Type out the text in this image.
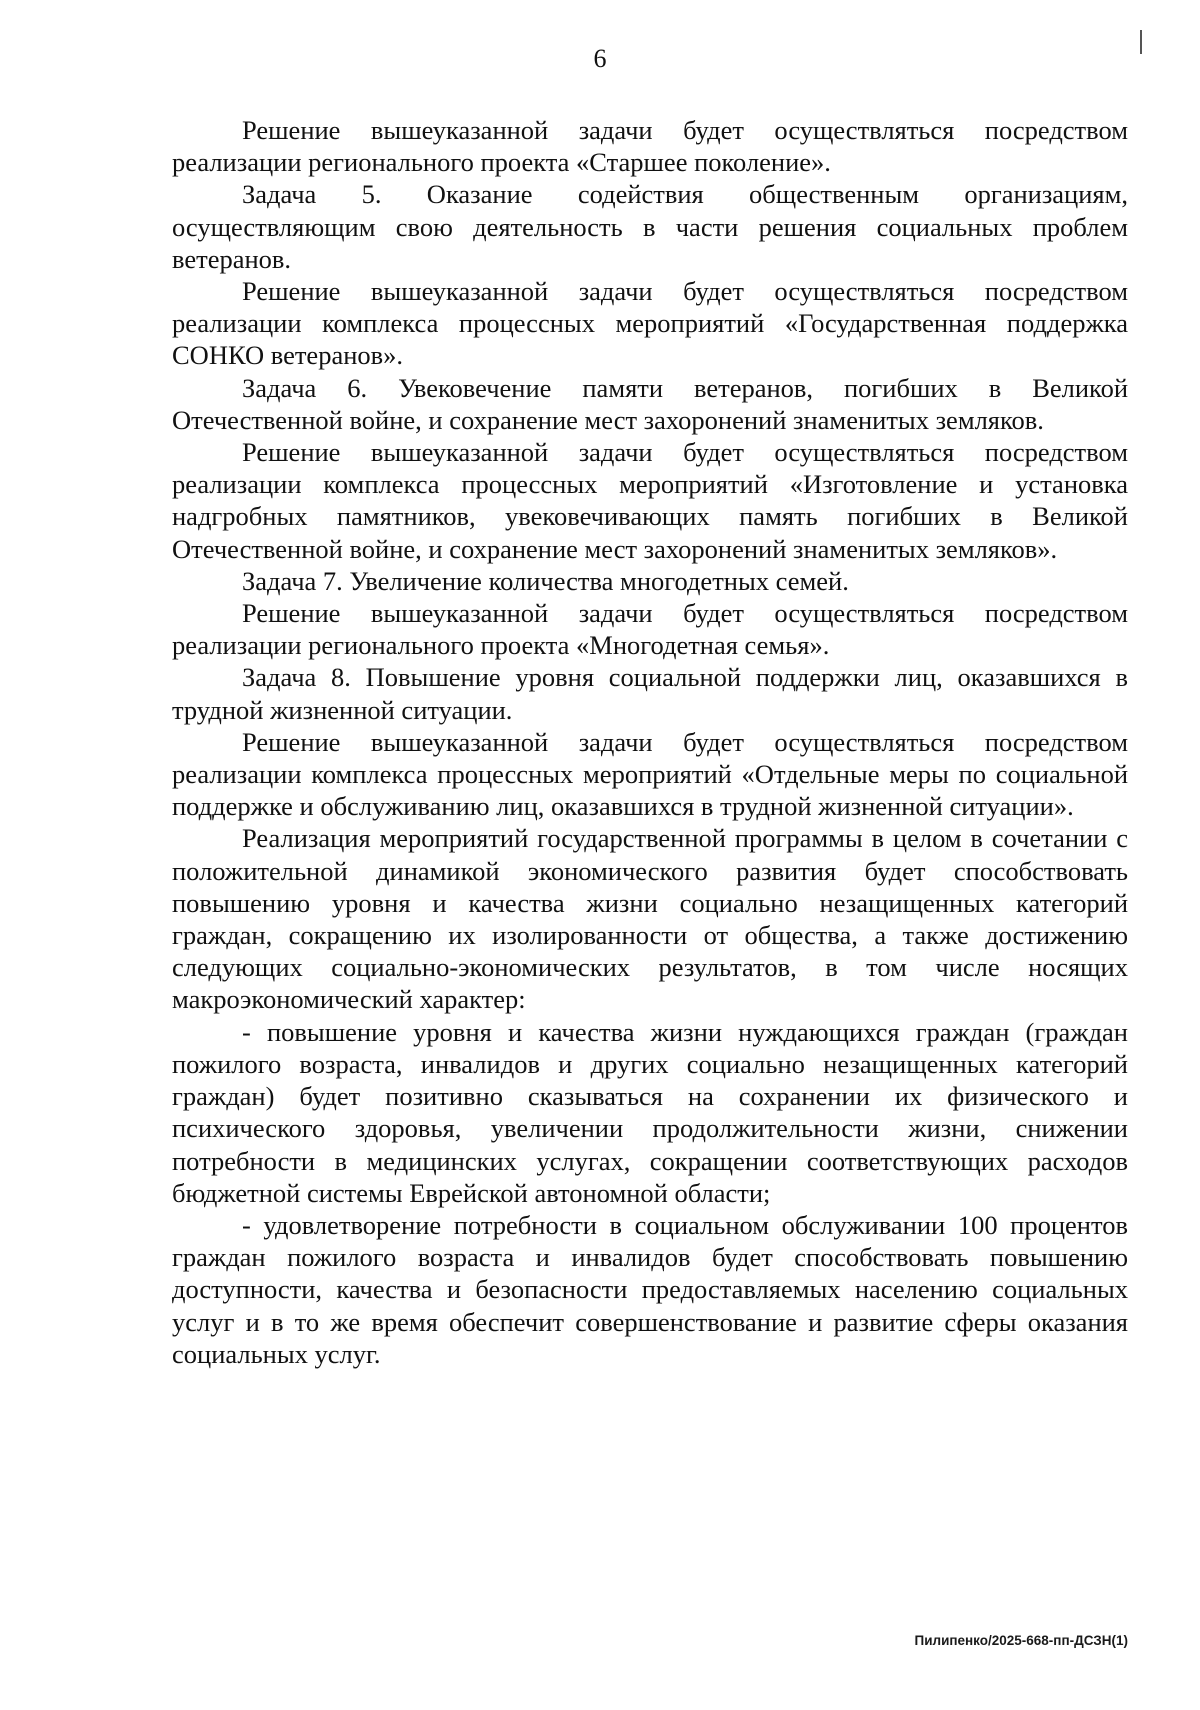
6

Решение вышеуказанной задачи будет осуществляться посредством реализации регионального проекта «Старшее поколение».

Задача 5. Оказание содействия общественным организациям, осуществляющим свою деятельность в части решения социальных проблем ветеранов.

Решение вышеуказанной задачи будет осуществляться посредством реализации комплекса процессных мероприятий «Государственная поддержка СОНКО ветеранов».

Задача 6. Увековечение памяти ветеранов, погибших в Великой Отечественной войне, и сохранение мест захоронений знаменитых земляков.

Решение вышеуказанной задачи будет осуществляться посредством реализации комплекса процессных мероприятий «Изготовление и установка надгробных памятников, увековечивающих память погибших в Великой Отечественной войне, и сохранение мест захоронений знаменитых земляков».

Задача 7. Увеличение количества многодетных семей.

Решение вышеуказанной задачи будет осуществляться посредством реализации регионального проекта «Многодетная семья».

Задача 8. Повышение уровня социальной поддержки лиц, оказавшихся в трудной жизненной ситуации.

Решение вышеуказанной задачи будет осуществляться посредством реализации комплекса процессных мероприятий «Отдельные меры по социальной поддержке и обслуживанию лиц, оказавшихся в трудной жизненной ситуации».

Реализация мероприятий государственной программы в целом в сочетании с положительной динамикой экономического развития будет способствовать повышению уровня и качества жизни социально незащищенных категорий граждан, сокращению их изолированности от общества, а также достижению следующих социально-экономических результатов, в том числе носящих макроэкономический характер:

- повышение уровня и качества жизни нуждающихся граждан (граждан пожилого возраста, инвалидов и других социально незащищенных категорий граждан) будет позитивно сказываться на сохранении их физического и психического здоровья, увеличении продолжительности жизни, снижении потребности в медицинских услугах, сокращении соответствующих расходов бюджетной системы Еврейской автономной области;

- удовлетворение потребности в социальном обслуживании 100 процентов граждан пожилого возраста и инвалидов будет способствовать повышению доступности, качества и безопасности предоставляемых населению социальных услуг и в то же время обеспечит совершенствование и развитие сферы оказания социальных услуг.

Пилипенко/2025-668-пп-ДСЗН(1)
